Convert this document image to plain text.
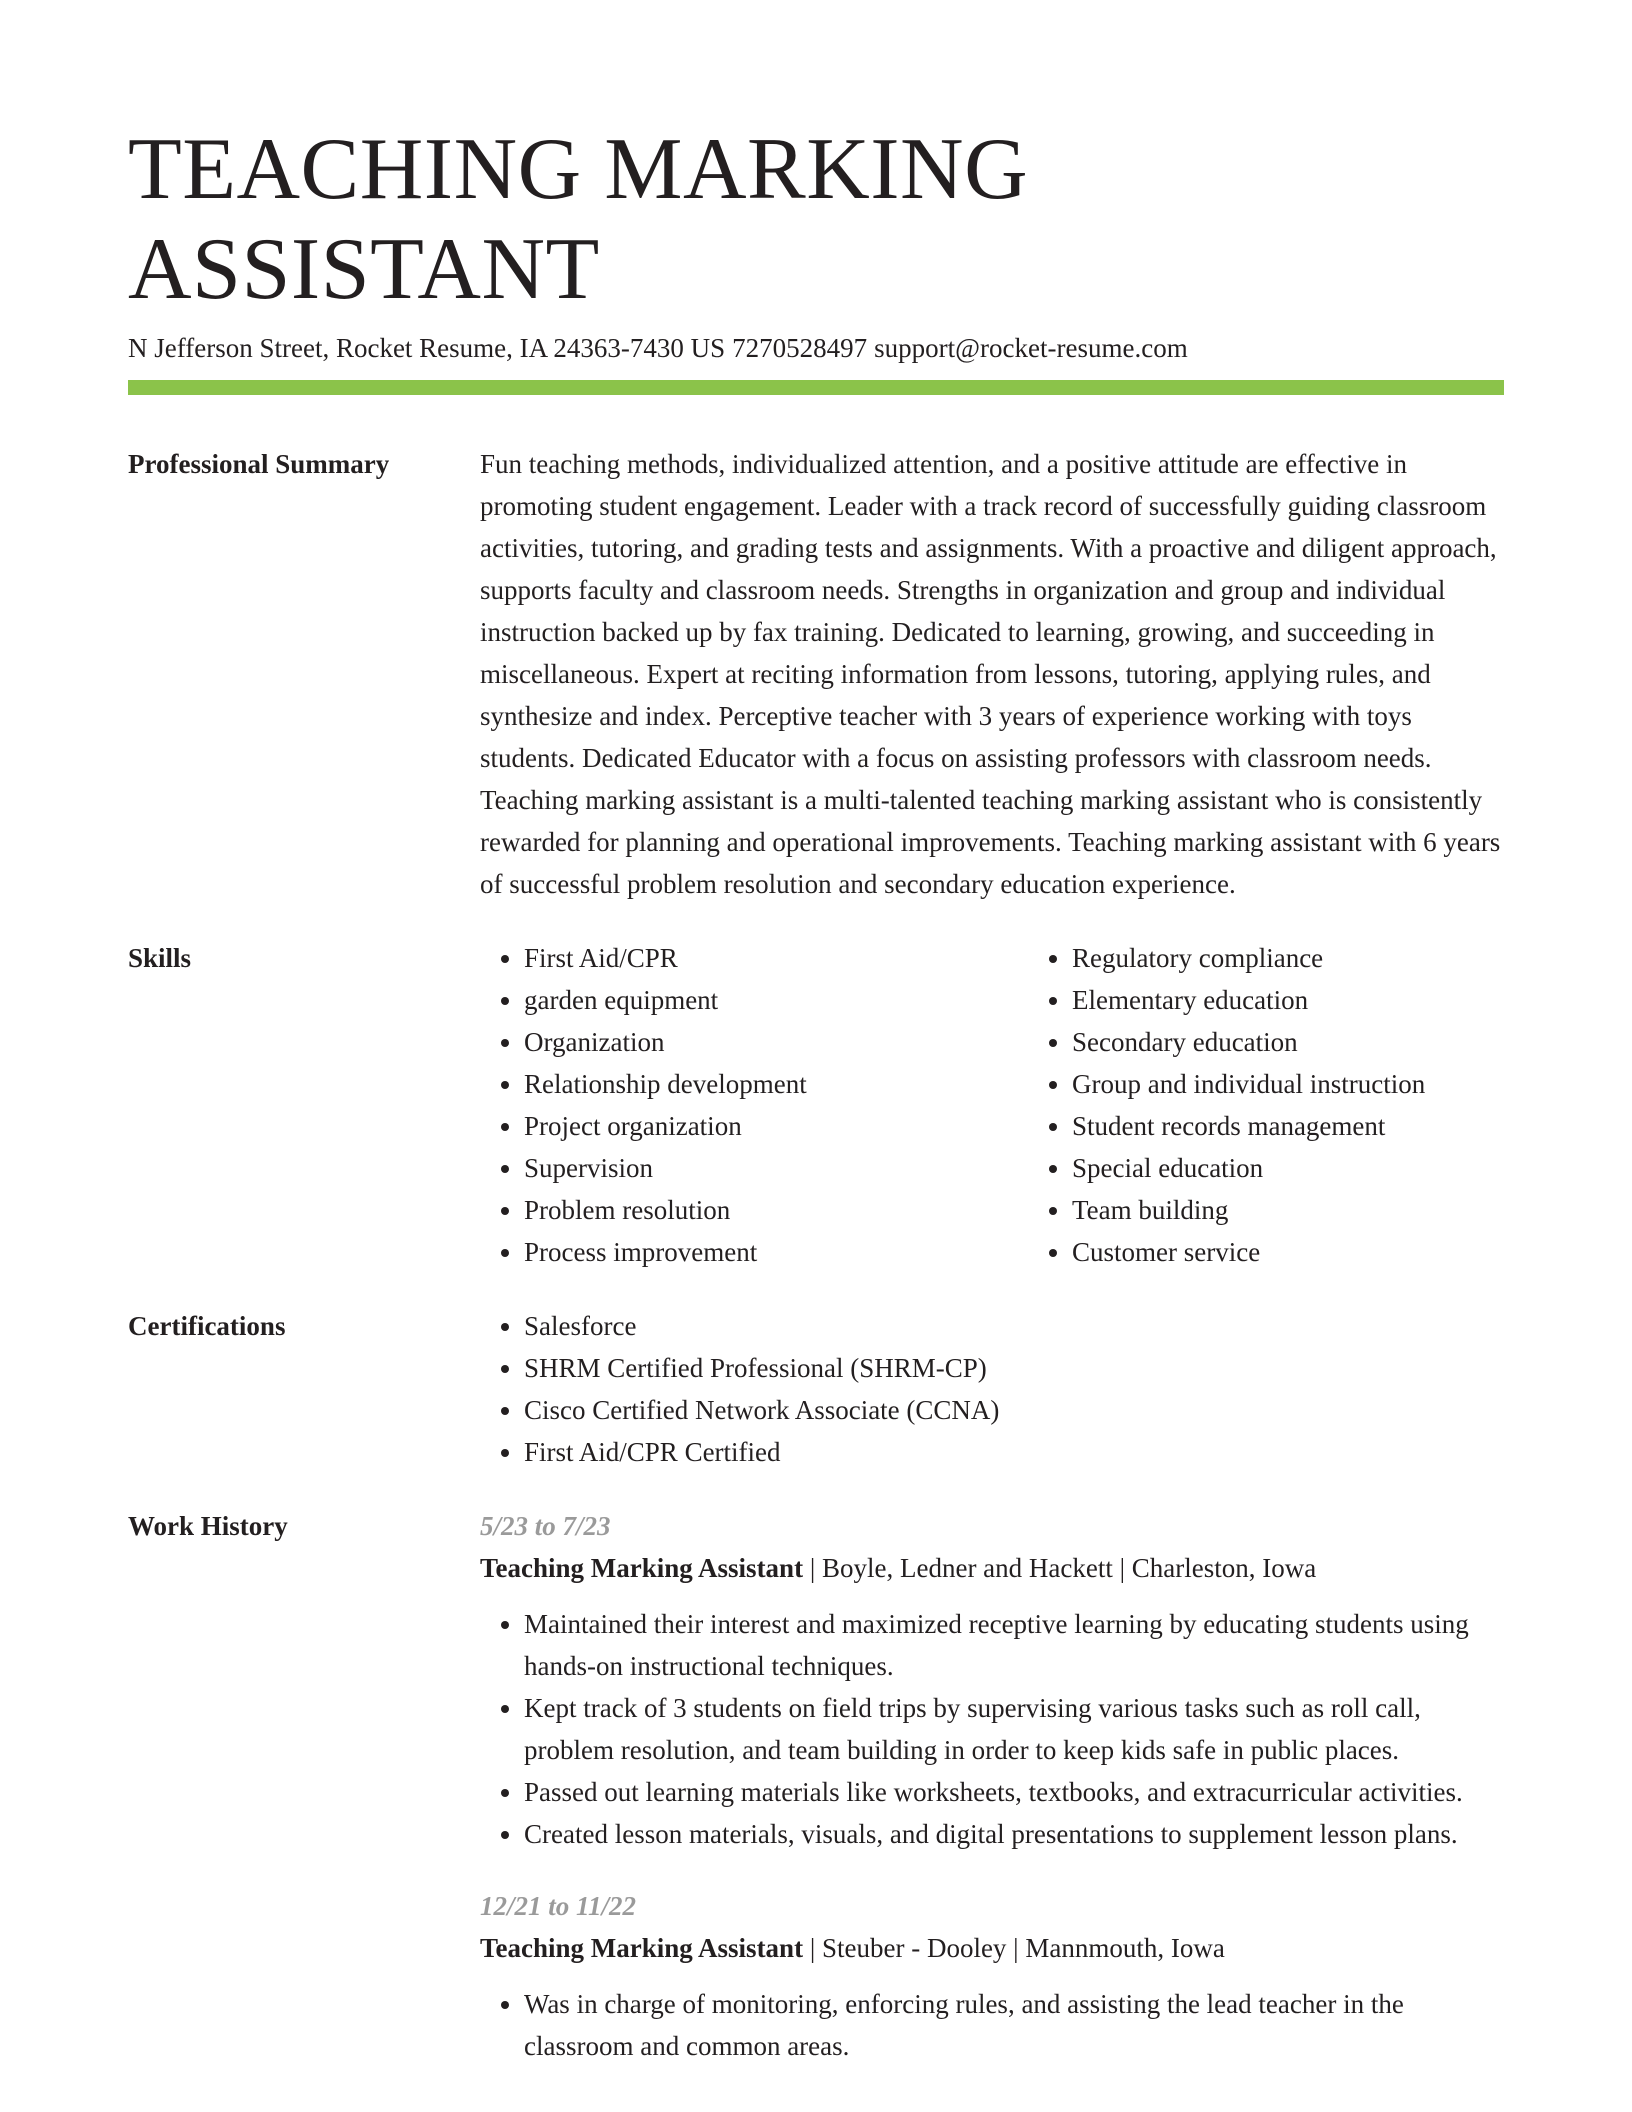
TEACHING MARKING ASSISTANT
N Jefferson Street, Rocket Resume, IA 24363-7430 US 7270528497 support@rocket-resume.com
Professional Summary	Fun teaching methods, individualized attention, and a positive attitude are effective in promoting student engagement. Leader with a track record of successfully guiding classroom activities, tutoring, and grading tests and assignments. With a proactive and diligent approach, supports faculty and classroom needs. Strengths in organization and group and individual instruction backed up by fax training. Dedicated to learning, growing, and succeeding in miscellaneous. Expert at reciting information from lessons, tutoring, applying rules, and synthesize and index. Perceptive teacher with 3 years of experience working with toys students. Dedicated Educator with a focus on assisting professors with classroom needs. Teaching marking assistant is a multi-talented teaching marking assistant who is consistently rewarded for planning and operational improvements. Teaching marking assistant with 6 years of successful problem resolution and secondary education experience.

Skills	• First Aid/CPR
• garden equipment
• Organization
• Relationship development
• Project organization
• Supervision
• Problem resolution
• Process improvement
• Regulatory compliance
• Elementary education
• Secondary education
• Group and individual instruction
• Student records management
• Special education
• Team building
• Customer service
Certifications	• Salesforce
• SHRM Certified Professional (SHRM-CP)
• Cisco Certified Network Associate (CCNA)
• First Aid/CPR Certified
Work History	5/23 to 7/23
Teaching Marking Assistant | Boyle, Ledner and Hackett | Charleston, Iowa
• Maintained their interest and maximized receptive learning by educating students using hands-on instructional techniques.
• Kept track of 3 students on field trips by supervising various tasks such as roll call, problem resolution, and team building in order to keep kids safe in public places.
• Passed out learning materials like worksheets, textbooks, and extracurricular activities.
• Created lesson materials, visuals, and digital presentations to supplement lesson plans.
12/21 to 11/22
Teaching Marking Assistant | Steuber - Dooley | Mannmouth, Iowa
• Was in charge of monitoring, enforcing rules, and assisting the lead teacher in the classroom and common areas.
